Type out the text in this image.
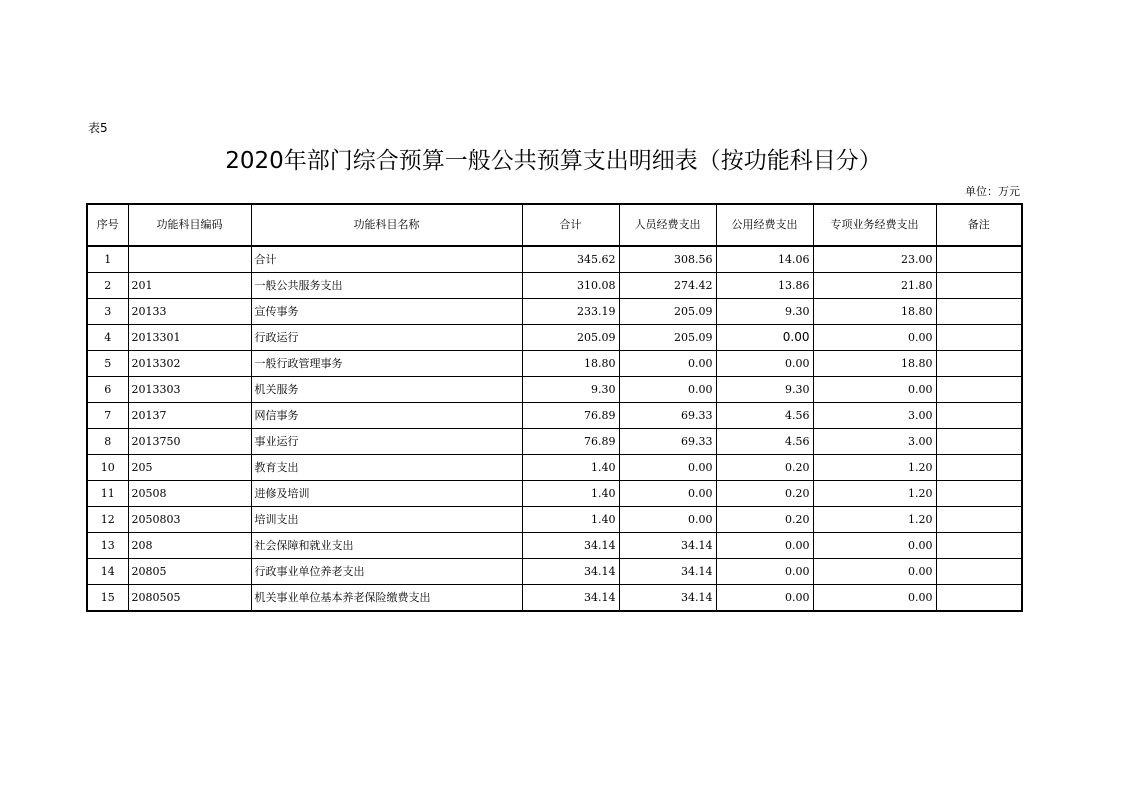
表5
2020年部门综合预算一般公共预算支出明细表（按功能科目分）
单位：万元
序号	功能科目编码	功能科目名称	合计	人员经费支出	公用经费支出	专项业务经费支出	备注
1		合计	345.62	308.56	14.06	23.00	
2	201	一般公共服务支出	310.08	274.42	13.86	21.80	
3	20133	宣传事务	233.19	205.09	9.30	18.80	
4	2013301	行政运行	205.09	205.09	0.00	0.00	
5	2013302	一般行政管理事务	18.80	0.00	0.00	18.80	
6	2013303	机关服务	9.30	0.00	9.30	0.00	
7	20137	网信事务	76.89	69.33	4.56	3.00	
8	2013750	事业运行	76.89	69.33	4.56	3.00	
10	205	教育支出	1.40	0.00	0.20	1.20	
11	20508	进修及培训	1.40	0.00	0.20	1.20	
12	2050803	培训支出	1.40	0.00	0.20	1.20	
13	208	社会保障和就业支出	34.14	34.14	0.00	0.00	
14	20805	行政事业单位养老支出	34.14	34.14	0.00	0.00	
15	2080505	机关事业单位基本养老保险缴费支出	34.14	34.14	0.00	0.00	
